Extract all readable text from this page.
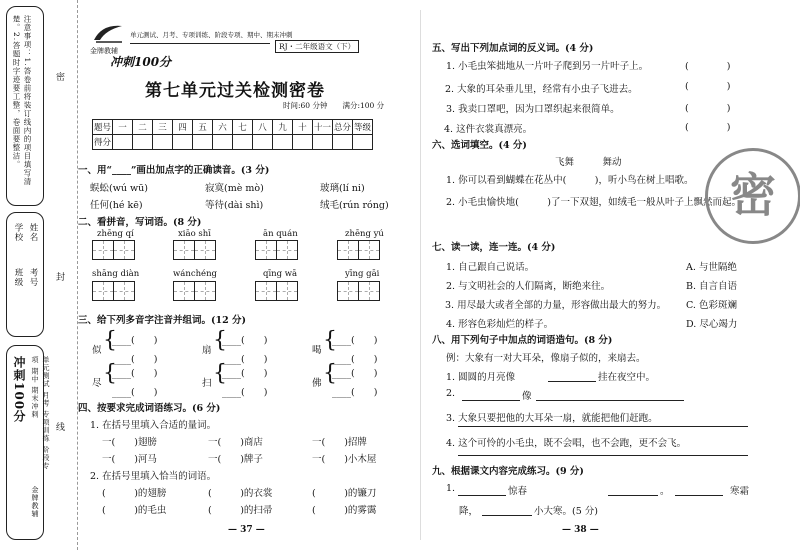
注意事项：1.答卷前将装订线内的项目填写清楚。2.答题时字迹要工整，卷面要整洁。
学校
班级
姓名
考号
冲刺100分	单元测试 月考 专项训练 阶段专项 期中 期末冲刺
金牌教辅
密
封
线
金牌教辅
冲刺100分
单元测试、月考、专项训练、阶段专项、期中、期末冲刺
RJ・二年级语文（下）
第七单元过关检测密卷
时间:60 分钟　　满分:100 分
题号	一	二	三	四	五	六	七	八	九	十	十一	总分	等级
得分													
一、用“____”画出加点字的正确读音。(3 分)
蜈蚣(wú wū)	寂寞(mè mò)	玻璃(lí ni)
任何(hé kē)	等待(dài shì)	绒毛(rún róng)
二、看拼音，写词语。(8 分)
zhēng qí	xiāo shī	ān quán	zhēng yú
shāng diàn	wánchéng	qīng wā	yīng gāi
三、给下列多音字注音并组词。(12 分)
似 {
____(　　)
____(　　)
扇 {
____(　　)
____(　　)
喝 {
____(　　)
____(　　)
尽 {
____(　　)
____(　　)
扫 {
____(　　)
____(　　)
佛 {
____(　　)
____(　　)
四、按要求完成词语练习。(6 分)
1. 在括号里填入合适的量词。
一(　　)翅膀	一(　　)商店	一(　　)招牌
一(　　)河马	一(　　)牌子	一(　　)小木屋
2. 在括号里填入恰当的词语。
(　　　)的翅膀	(　　　)的衣裳	(　　　)的镰刀
(　　　)的毛虫	(　　　)的扫帚	(　　　)的雾霭
— 37 —
五、写出下列加点词的反义词。(4 分)
1. 小毛虫笨拙地从一片叶子爬到另一片叶子上。
2. 大象的耳朵垂儿里，经常有小虫子飞进去。
3. 我卖口罩吧，因为口罩织起来很简单。
4. 这件衣裳真漂亮。
(　　　　)
(　　　　)
(　　　　)
(　　　　)
六、选词填空。(4 分)
飞舞　　　舞动
1. 你可以看到蝴蝶在花丛中(　　　)，听小鸟在树上唱歌。
2. 小毛虫愉快地(　　　)了一下双翅，如绒毛一般从叶子上飘然而起。
密
七、读一读，连一连。(4 分)
1. 自己跟自己说话。
2. 与文明社会的人们隔离，断绝来往。
3. 用尽最大或者全部的力量，形容做出最大的努力。
4. 形容色彩灿烂的样子。
A. 与世隔绝
B. 自言自语
C. 色彩斑斓
D. 尽心竭力
八、用下列句子中加点的词语造句。(8 分)
例：大象有一对大耳朵，像扇子似的，来扇去。
1. 圆圆的月亮像	挂在夜空中。
2.	像
3. 大象只要把他的大耳朵一扇，就能把他们赶跑。
4. 这个可怜的小毛虫，既不会唱，也不会跑，更不会飞。
九、根据课文内容完成练习。(9 分)
1.	惊春	。	寒霜
降，	小大寒。(5 分)
— 38 —
